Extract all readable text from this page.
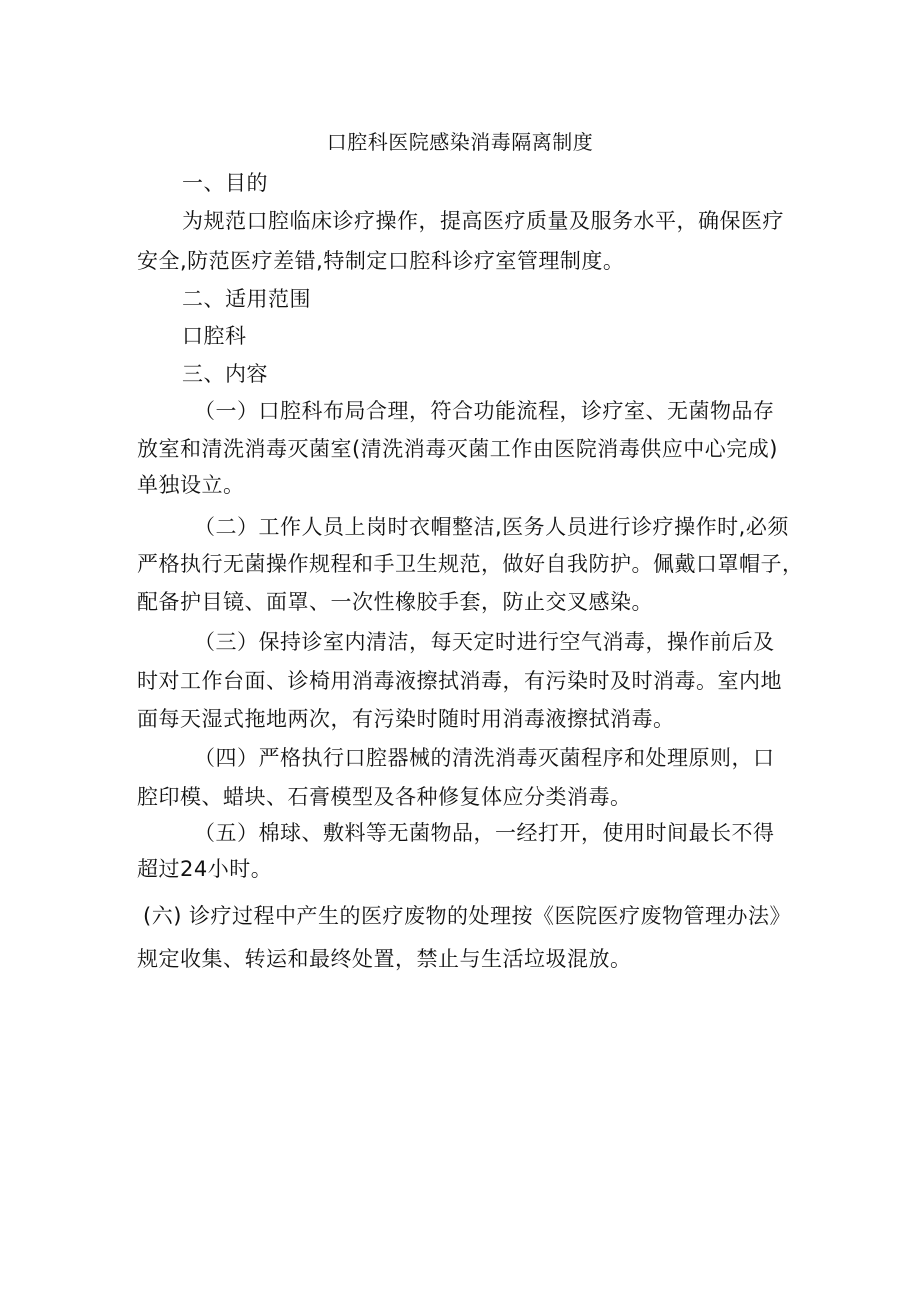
口腔科医院感染消毒隔离制度
一、目的
为规范口腔临床诊疗操作，提高医疗质量及服务水平，确保医疗
安全,防范医疗差错,特制定口腔科诊疗室管理制度。
二、适用范围
口腔科
三、内容
（一）口腔科布局合理，符合功能流程，诊疗室、无菌物品存
放室和清洗消毒灭菌室(清洗消毒灭菌工作由医院消毒供应中心完成)
单独设立。
（二）工作人员上岗时衣帽整洁,医务人员进行诊疗操作时,必须
严格执行无菌操作规程和手卫生规范，做好自我防护。佩戴口罩帽子，
配备护目镜、面罩、一次性橡胶手套，防止交叉感染。
（三）保持诊室内清洁，每天定时进行空气消毒，操作前后及
时对工作台面、诊椅用消毒液擦拭消毒，有污染时及时消毒。室内地
面每天湿式拖地两次，有污染时随时用消毒液擦拭消毒。
（四）严格执行口腔器械的清洗消毒灭菌程序和处理原则，口
腔印模、蜡块、石膏模型及各种修复体应分类消毒。
（五）棉球、敷料等无菌物品，一经打开，使用时间最长不得
超过24小时。
(六) 诊疗过程中产生的医疗废物的处理按《医院医疗废物管理办法》
规定收集、转运和最终处置，禁止与生活垃圾混放。
